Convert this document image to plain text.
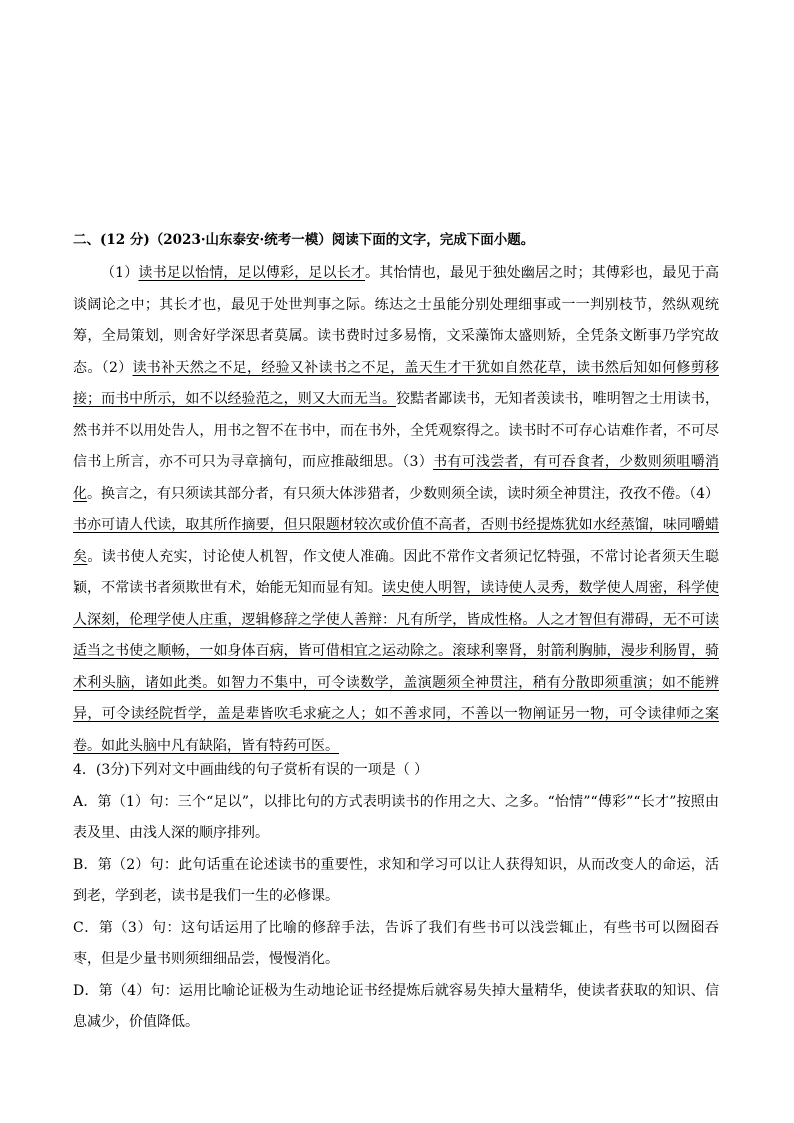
二、(12 分)（2023·山东泰安·统考一模）阅读下面的文字，完成下面小题。
（1）读书足以怡情，足以傅彩，足以长才。其怡情也，最见于独处幽居之时；其傅彩也，最见于高谈阔论之中；其长才也，最见于处世判事之际。练达之士虽能分别处理细事或一一判别枝节，然纵观统筹，全局策划，则舍好学深思者莫属。读书费时过多易惰，文采藻饰太盛则矫，全凭条文断事乃学究故态。（2）读书补天然之不足，经验又补读书之不足，盖天生才干犹如自然花草，读书然后知如何修剪移接；而书中所示，如不以经验范之，则又大而无当。狡黠者鄙读书，无知者羡读书，唯明智之士用读书，然书并不以用处告人，用书之智不在书中，而在书外，全凭观察得之。读书时不可存心诘难作者，不可尽信书上所言，亦不可只为寻章摘句，而应推敲细思。（3）书有可浅尝者，有可吞食者，少数则须咀嚼消化。换言之，有只须读其部分者，有只须大体涉猎者，少数则须全读，读时须全神贯注，孜孜不倦。（4）书亦可请人代读，取其所作摘要，但只限题材较次或价值不高者，否则书经提炼犹如水经蒸馏，味同嚼蜡矣。读书使人充实，讨论使人机智，作文使人准确。因此不常作文者须记忆特强，不常讨论者须天生聪颖，不常读书者须欺世有术，始能无知而显有知。读史使人明智，读诗使人灵秀，数学使人周密，科学使人深刻，伦理学使人庄重，逻辑修辞之学使人善辩：凡有所学，皆成性格。人之才智但有滞碍，无不可读适当之书使之顺畅，一如身体百病，皆可借相宜之运动除之。滚球利睾肾，射箭利胸肺，漫步利肠胃，骑术利头脑，诸如此类。如智力不集中，可令读数学，盖演题须全神贯注，稍有分散即须重演；如不能辨异，可令读经院哲学，盖是辈皆吹毛求疵之人；如不善求同，不善以一物阐证另一物，可令读律师之案卷。如此头脑中凡有缺陷，皆有特药可医。

4．(3分)下列对文中画曲线的句子赏析有误的一项是（ ）

A．第（1）句：三个“足以”，以排比句的方式表明读书的作用之大、之多。“怡情”“傅彩”“长才”按照由表及里、由浅人深的顺序排列。

B．第（2）句：此句话重在论述读书的重要性，求知和学习可以让人获得知识，从而改变人的命运，活到老，学到老，读书是我们一生的必修课。

C．第（3）句：这句话运用了比喻的修辞手法，告诉了我们有些书可以浅尝辄止，有些书可以囫囵吞枣，但是少量书则须细细品尝，慢慢消化。

D．第（4）句：运用比喻论证极为生动地论证书经提炼后就容易失掉大量精华，使读者获取的知识、信息减少，价值降低。
